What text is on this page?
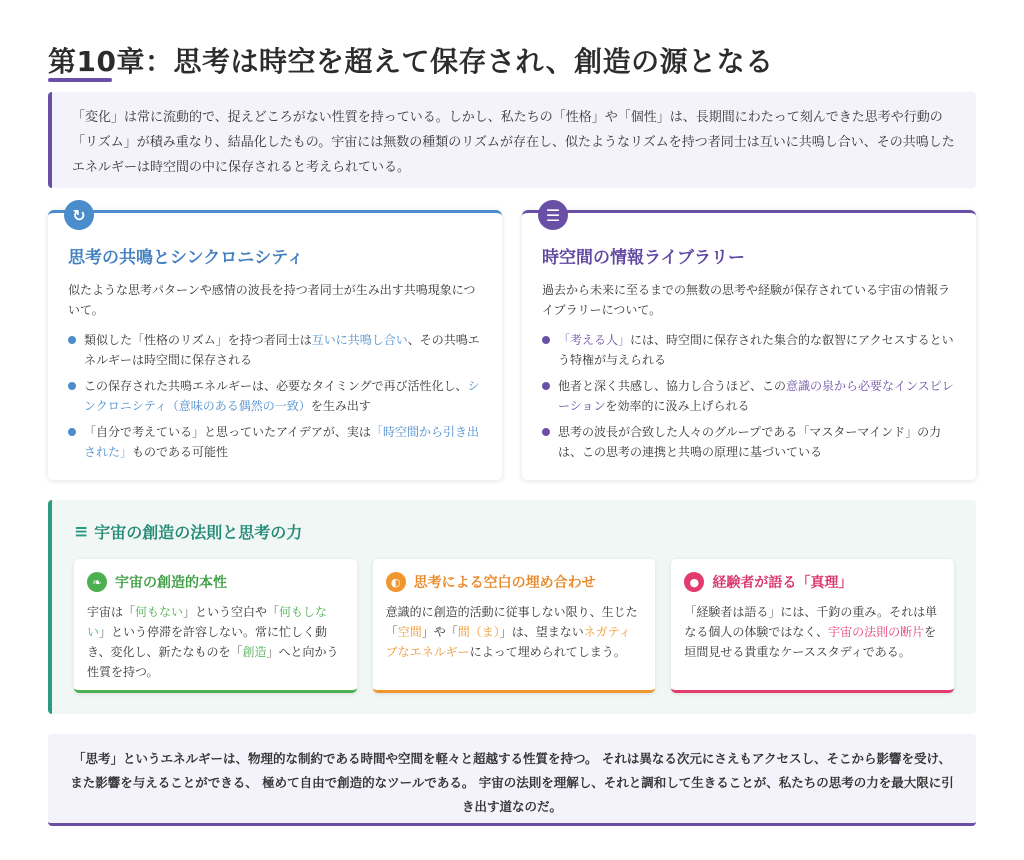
第10章：思考は時空を超えて保存され、創造の源となる
「変化」は常に流動的で、捉えどころがない性質を持っている。しかし、私たちの「性格」や「個性」は、長期間にわたって刻んできた思考や行動の「リズム」が積み重なり、結晶化したもの。宇宙には無数の種類のリズムが存在し、似たようなリズムを持つ者同士は互いに共鳴し合い、その共鳴したエネルギーは時空間の中に保存されると考えられている。
↻
思考の共鳴とシンクロニシティ
似たような思考パターンや感情の波長を持つ者同士が生み出す共鳴現象について。
類似した「性格のリズム」を持つ者同士は互いに共鳴し合い、その共鳴エネルギーは時空間に保存される
この保存された共鳴エネルギーは、必要なタイミングで再び活性化し、シンクロニシティ（意味のある偶然の一致）を生み出す
「自分で考えている」と思っていたアイデアが、実は「時空間から引き出された」ものである可能性
☰
時空間の情報ライブラリー
過去から未来に至るまでの無数の思考や経験が保存されている宇宙の情報ライブラリーについて。
「考える人」には、時空間に保存された集合的な叡智にアクセスするという特権が与えられる
他者と深く共感し、協力し合うほど、この意識の泉から必要なインスピレーションを効率的に汲み上げられる
思考の波長が合致した人々のグループである「マスターマインド」の力は、この思考の連携と共鳴の原理に基づいている
≡ 宇宙の創造の法則と思考の力
❧ 宇宙の創造的本性
宇宙は「何もない」という空白や「何もしない」という停滞を許容しない。常に忙しく動き、変化し、新たなものを「創造」へと向かう性質を持つ。
◐ 思考による空白の埋め合わせ
意識的に創造的活動に従事しない限り、生じた「空間」や「間（ま）」は、望まないネガティブなエネルギーによって埋められてしまう。
● 経験者が語る「真理」
「経験者は語る」には、千鈞の重み。それは単なる個人の体験ではなく、宇宙の法則の断片を垣間見せる貴重なケーススタディである。
「思考」というエネルギーは、物理的な制約である時間や空間を軽々と超越する性質を持つ。 それは異なる次元にさえもアクセスし、そこから影響を受け、また影響を与えることができる、 極めて自由で創造的なツールである。 宇宙の法則を理解し、それと調和して生きることが、私たちの思考の力を最大限に引き出す道なのだ。
